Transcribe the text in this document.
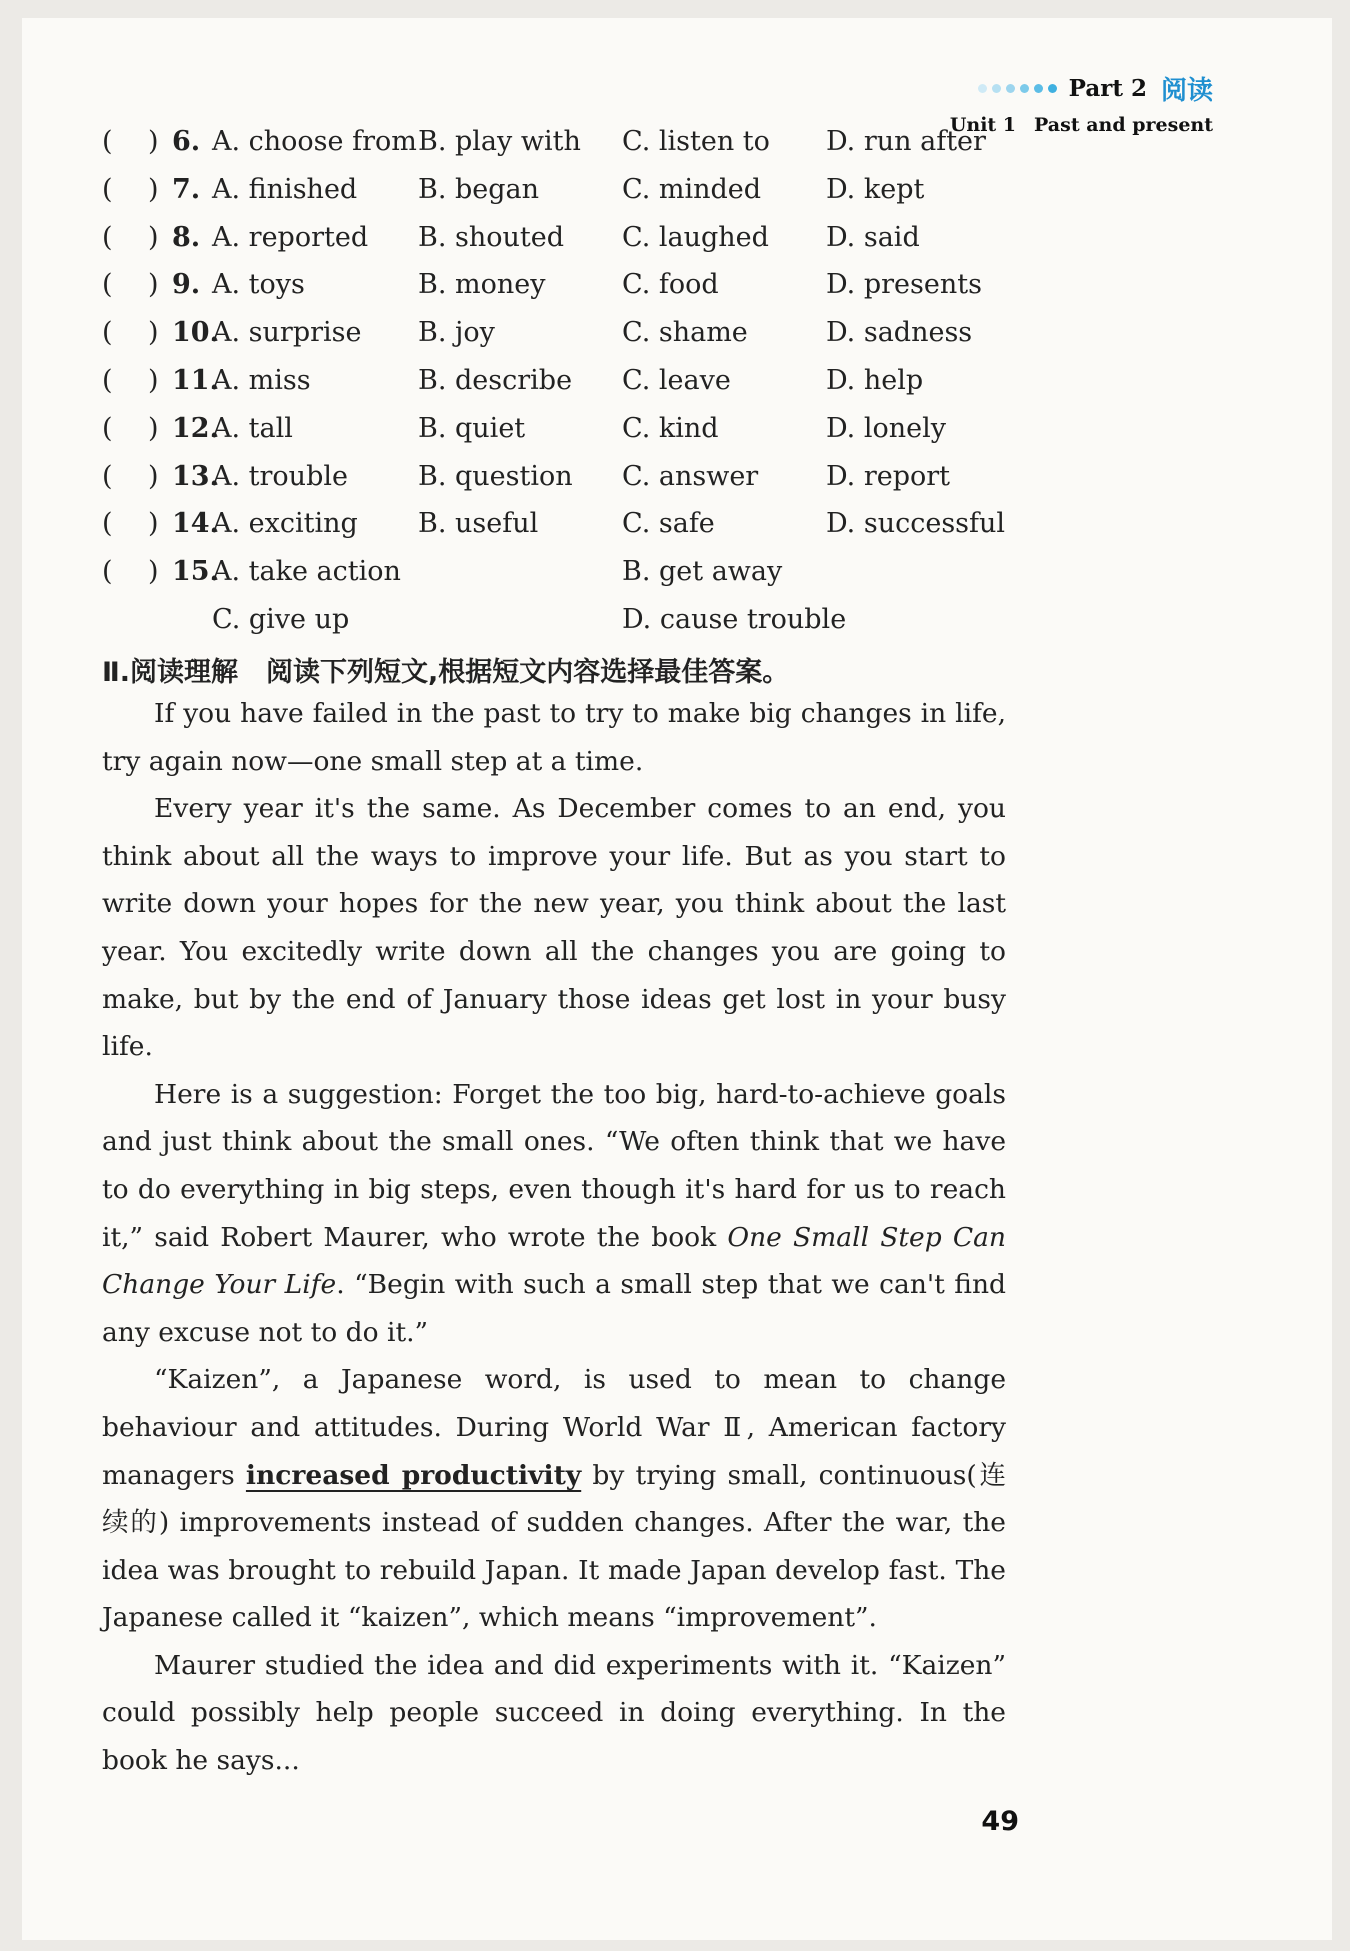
Part 2 阅读
Unit 1 Past and present
( ) 6. A. choose from B. play with C. listen to D. run after
( ) 7. A. finished B. began	C. minded D. kept
( ) 8. A. reported B. shouted C. laughed D. said
( ) 9. A. toys	B. money	C. food	D. presents
( ) 10.
A. surprise B. joy	C. shame	D. sadness
( ) 11.
A. miss	B. describe C. leave	D. help
( ) 12.
A. tall	B. quiet	C. kind	D. lonely
( ) 13.
A. trouble	B. question C. answer	D. report
( ) 14.
A. exciting B. useful	C. safe	D. successful
( ) 15.
A. take action	B. get away
C. give up	D. cause trouble
Ⅱ.阅读理解 阅读下列短文,根据短文内容选择最佳答案。

If you have failed in the past to try to make big changes in life, try again now—one small step at a time.

Every year it's the same. As December comes to an end, you think about all the ways to improve your life. But as you start to write down your hopes for the new year, you think about the last year. You excitedly write down all the changes you are going to make, but by the end of January those ideas get lost in your busy life.

Here is a suggestion: Forget the too big, hard-to-achieve goals and just think about the small ones. “We often think that we have to do everything in big steps, even though it's hard for us to reach it,” said Robert Maurer, who wrote the book One Small Step Can Change Your Life. “Begin with such a small step that we can't find any excuse not to do it.”

“Kaizen”, a Japanese word, is used to mean to change behaviour and attitudes. During World War Ⅱ, American factory managers increased productivity by trying small, continuous(连续的) improvements instead of sudden changes. After the war, the idea was brought to rebuild Japan. It made Japan develop fast. The Japanese called it “kaizen”, which means “improvement”.

Maurer studied the idea and did experiments with it. “Kaizen” could possibly help people succeed in doing everything. In the book he says...

49
